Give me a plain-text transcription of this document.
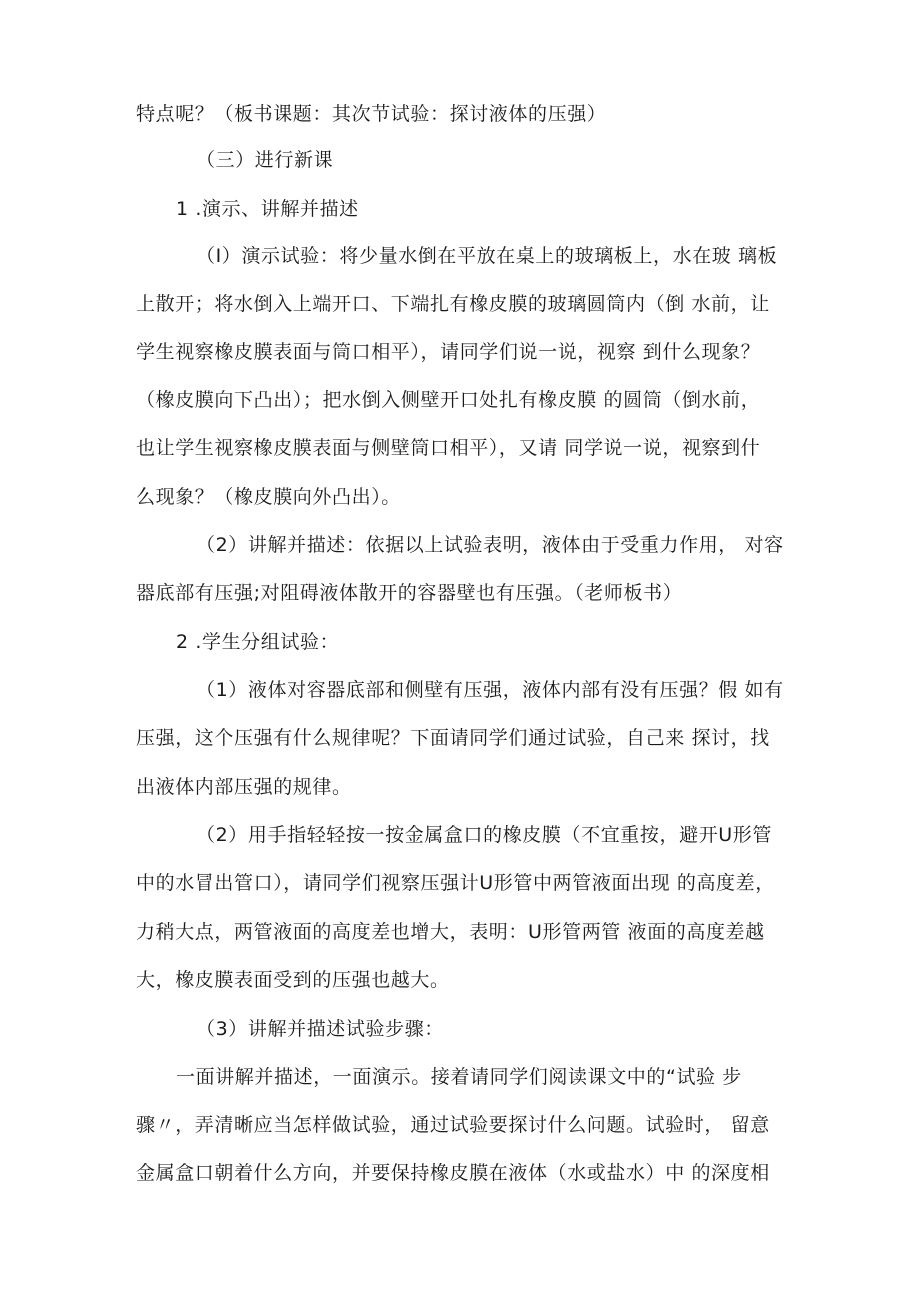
特点呢？（板书课题：其次节试验：探讨液体的压强）
（三）进行新课
1 .演示、讲解并描述
（I）演示试验：将少量水倒在平放在桌上的玻璃板上，水在玻 璃板
上散开；将水倒入上端开口、下端扎有橡皮膜的玻璃圆筒内（倒 水前，让
学生视察橡皮膜表面与筒口相平），请同学们说一说，视察 到什么现象？
（橡皮膜向下凸出）；把水倒入侧壁开口处扎有橡皮膜 的圆筒（倒水前，
也让学生视察橡皮膜表面与侧壁筒口相平），又请 同学说一说，视察到什
么现象？（橡皮膜向外凸出）。
（2）讲解并描述：依据以上试验表明，液体由于受重力作用， 对容
器底部有压强;对阻碍液体散开的容器壁也有压强。（老师板书）
2 .学生分组试验：
（1）液体对容器底部和侧壁有压强，液体内部有没有压强？假 如有
压强，这个压强有什么规律呢？下面请同学们通过试验，自己来 探讨，找
出液体内部压强的规律。
（2）用手指轻轻按一按金属盒口的橡皮膜（不宜重按，避开U形管
中的水冒出管口），请同学们视察压强计U形管中两管液面出现 的高度差，
力稍大点，两管液面的高度差也增大，表明：U形管两管 液面的高度差越
大，橡皮膜表面受到的压强也越大。
（3）讲解并描述试验步骤：
一面讲解并描述，一面演示。接着请同学们阅读课文中的“试验 步
骤〃，弄清晰应当怎样做试验，通过试验要探讨什么问题。试验时， 留意
金属盒口朝着什么方向，并要保持橡皮膜在液体（水或盐水）中 的深度相
